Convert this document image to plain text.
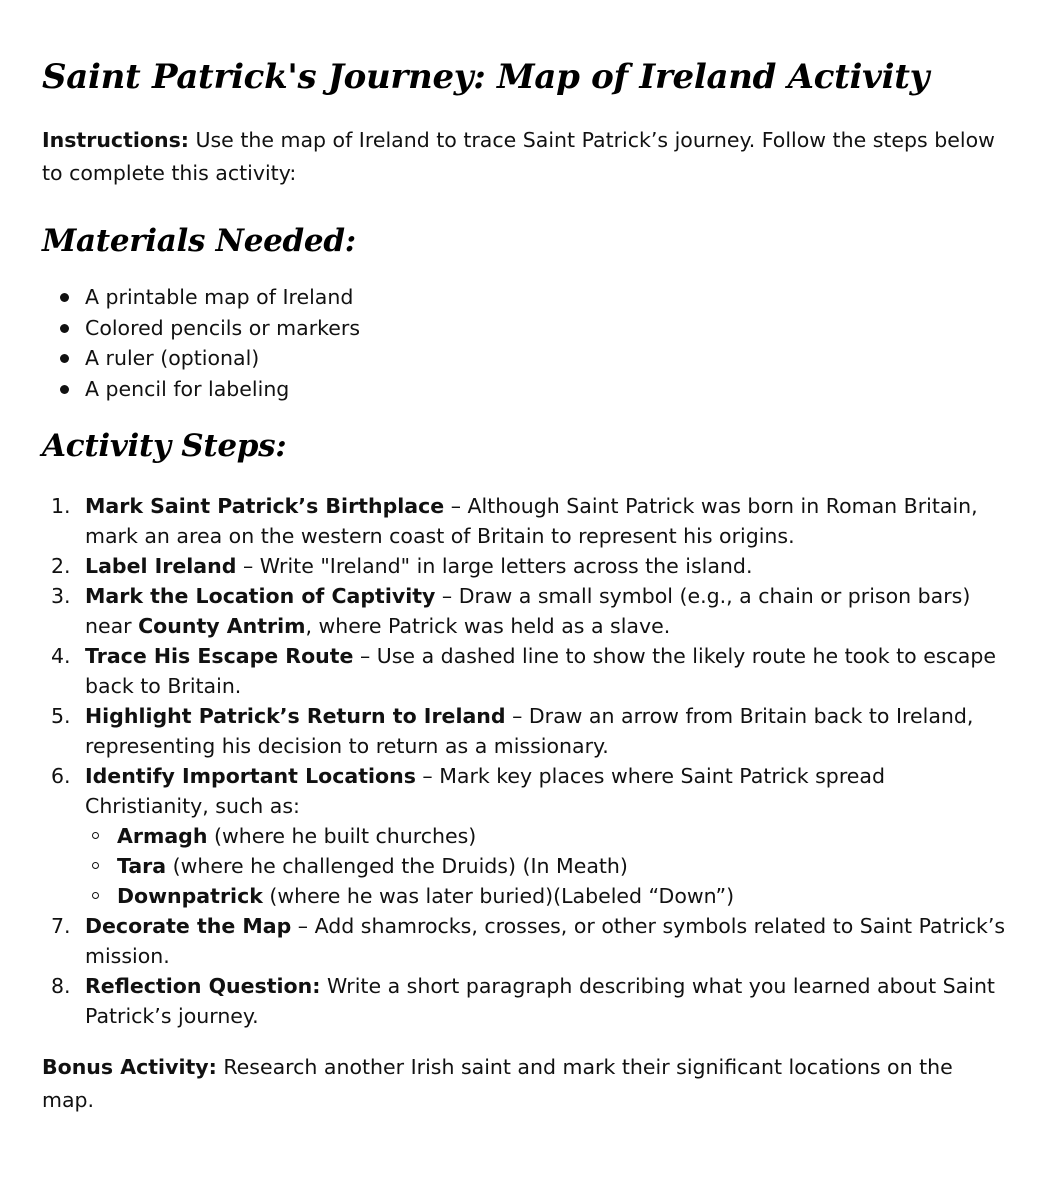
Saint Patrick's Journey: Map of Ireland Activity

Instructions: Use the map of Ireland to trace Saint Patrick’s journey. Follow the steps below to complete this activity:

Materials Needed:
A printable map of Ireland
Colored pencils or markers
A ruler (optional)
A pencil for labeling
Activity Steps:
1. Mark Saint Patrick’s Birthplace – Although Saint Patrick was born in Roman Britain, mark an area on the western coast of Britain to represent his origins.
2. Label Ireland – Write "Ireland" in large letters across the island.
3. Mark the Location of Captivity – Draw a small symbol (e.g., a chain or prison bars) near County Antrim, where Patrick was held as a slave.
4. Trace His Escape Route – Use a dashed line to show the likely route he took to escape back to Britain.
5. Highlight Patrick’s Return to Ireland – Draw an arrow from Britain back to Ireland, representing his decision to return as a missionary.
6. Identify Important Locations – Mark key places where Saint Patrick spread Christianity, such as:
Armagh (where he built churches)
Tara (where he challenged the Druids) (In Meath)
Downpatrick (where he was later buried)(Labeled “Down”)
7. Decorate the Map – Add shamrocks, crosses, or other symbols related to Saint Patrick’s mission.
8. Reflection Question: Write a short paragraph describing what you learned about Saint Patrick’s journey.

Bonus Activity: Research another Irish saint and mark their significant locations on the map.
